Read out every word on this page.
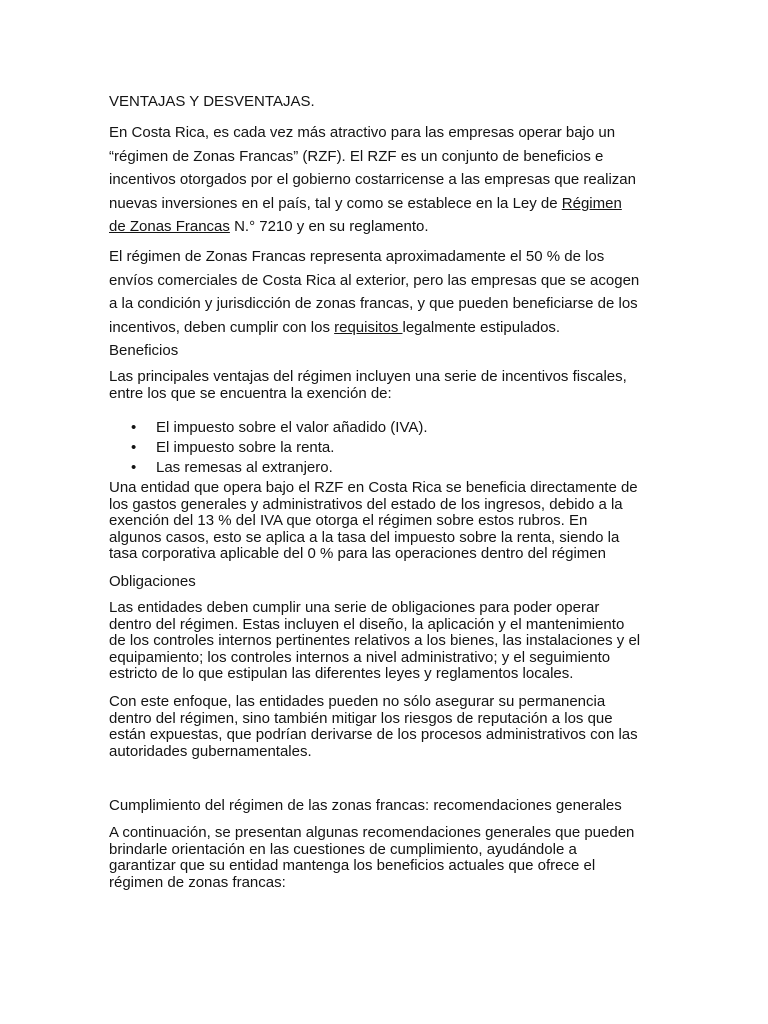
VENTAJAS Y DESVENTAJAS.

En Costa Rica, es cada vez más atractivo para las empresas operar bajo un
“régimen de Zonas Francas” (RZF). El RZF es un conjunto de beneficios e
incentivos otorgados por el gobierno costarricense a las empresas que realizan
nuevas inversiones en el país, tal y como se establece en la Ley de Régimen
de Zonas Francas N.° 7210 y en su reglamento.

El régimen de Zonas Francas representa aproximadamente el 50 % de los
envíos comerciales de Costa Rica al exterior, pero las empresas que se acogen
a la condición y jurisdicción de zonas francas, y que pueden beneficiarse de los
incentivos, deben cumplir con los requisitos legalmente estipulados.

Beneficios

Las principales ventajas del régimen incluyen una serie de incentivos fiscales,
entre los que se encuentra la exención de:

• El impuesto sobre el valor añadido (IVA).
• El impuesto sobre la renta.
• Las remesas al extranjero.

Una entidad que opera bajo el RZF en Costa Rica se beneficia directamente de
los gastos generales y administrativos del estado de los ingresos, debido a la
exención del 13 % del IVA que otorga el régimen sobre estos rubros. En
algunos casos, esto se aplica a la tasa del impuesto sobre la renta, siendo la
tasa corporativa aplicable del 0 % para las operaciones dentro del régimen

Obligaciones

Las entidades deben cumplir una serie de obligaciones para poder operar
dentro del régimen. Estas incluyen el diseño, la aplicación y el mantenimiento
de los controles internos pertinentes relativos a los bienes, las instalaciones y el
equipamiento; los controles internos a nivel administrativo; y el seguimiento
estricto de lo que estipulan las diferentes leyes y reglamentos locales.

Con este enfoque, las entidades pueden no sólo asegurar su permanencia
dentro del régimen, sino también mitigar los riesgos de reputación a los que
están expuestas, que podrían derivarse de los procesos administrativos con las
autoridades gubernamentales.

Cumplimiento del régimen de las zonas francas: recomendaciones generales

A continuación, se presentan algunas recomendaciones generales que pueden
brindarle orientación en las cuestiones de cumplimiento, ayudándole a
garantizar que su entidad mantenga los beneficios actuales que ofrece el
régimen de zonas francas:
